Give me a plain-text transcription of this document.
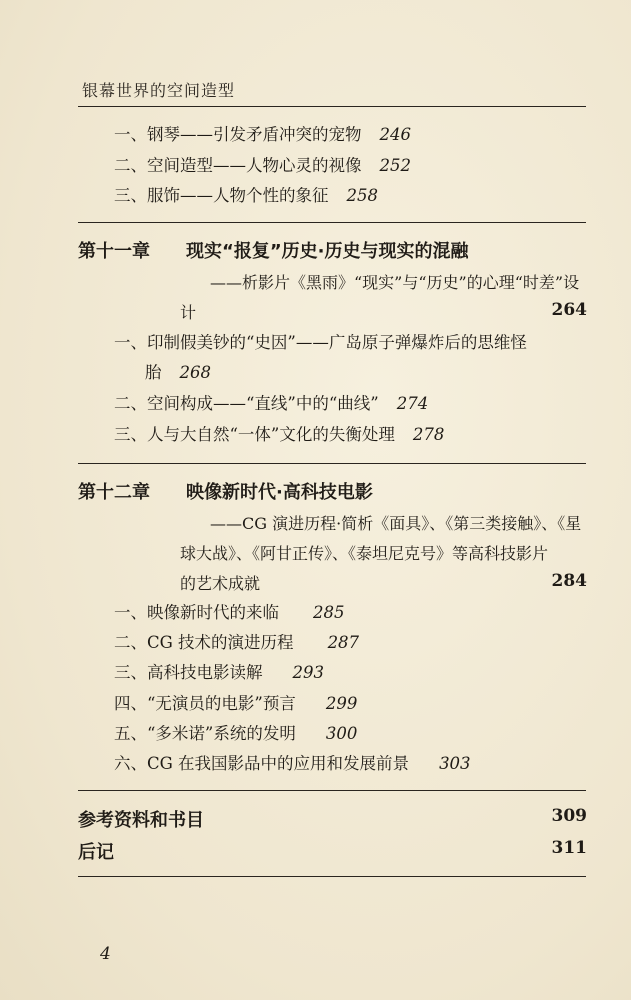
银幕世界的空间造型
一、钢琴——引发矛盾冲突的宠物 246
二、空间造型——人物心灵的视像 252
三、服饰——人物个性的象征 258
第十一章 现实“报复”历史·历史与现实的混融
——析影片《黑雨》“现实”与“历史”的心理“时差”设
计	264
一、印制假美钞的“史因”——广岛原子弹爆炸后的思维怪
胎 268
二、空间构成——“直线”中的“曲线” 274
三、人与大自然“一体”文化的失衡处理 278
第十二章 映像新时代·高科技电影
——CG 演进历程·简析《面具》、《第三类接触》、《星
球大战》、《阿甘正传》、《泰坦尼克号》等高科技影片
的艺术成就	284
一、映像新时代的来临 285
二、CG 技术的演进历程 287
三、高科技电影读解 293
四、“无演员的电影”预言 299
五、“多米诺”系统的发明 300
六、CG 在我国影品中的应用和发展前景 303
参考资料和书目	309
后记	311
4
